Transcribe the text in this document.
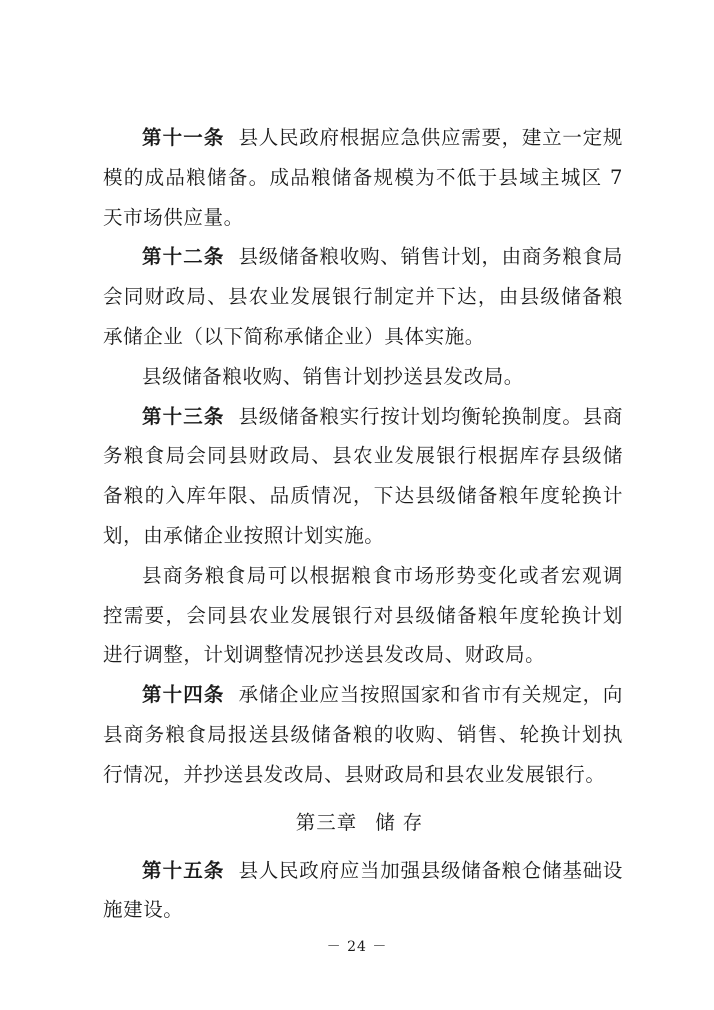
第十一条 县人民政府根据应急供应需要，建立一定规模的成品粮储备。成品粮储备规模为不低于县域主城区 7 天市场供应量。

第十二条 县级储备粮收购、销售计划，由商务粮食局会同财政局、县农业发展银行制定并下达，由县级储备粮承储企业（以下简称承储企业）具体实施。

县级储备粮收购、销售计划抄送县发改局。

第十三条 县级储备粮实行按计划均衡轮换制度。县商务粮食局会同县财政局、县农业发展银行根据库存县级储备粮的入库年限、品质情况，下达县级储备粮年度轮换计划，由承储企业按照计划实施。

县商务粮食局可以根据粮食市场形势变化或者宏观调控需要，会同县农业发展银行对县级储备粮年度轮换计划进行调整，计划调整情况抄送县发改局、财政局。

第十四条 承储企业应当按照国家和省市有关规定，向县商务粮食局报送县级储备粮的收购、销售、轮换计划执行情况，并抄送县发改局、县财政局和县农业发展银行。

第三章 储存

第十五条 县人民政府应当加强县级储备粮仓储基础设施建设。

－ 24 －
